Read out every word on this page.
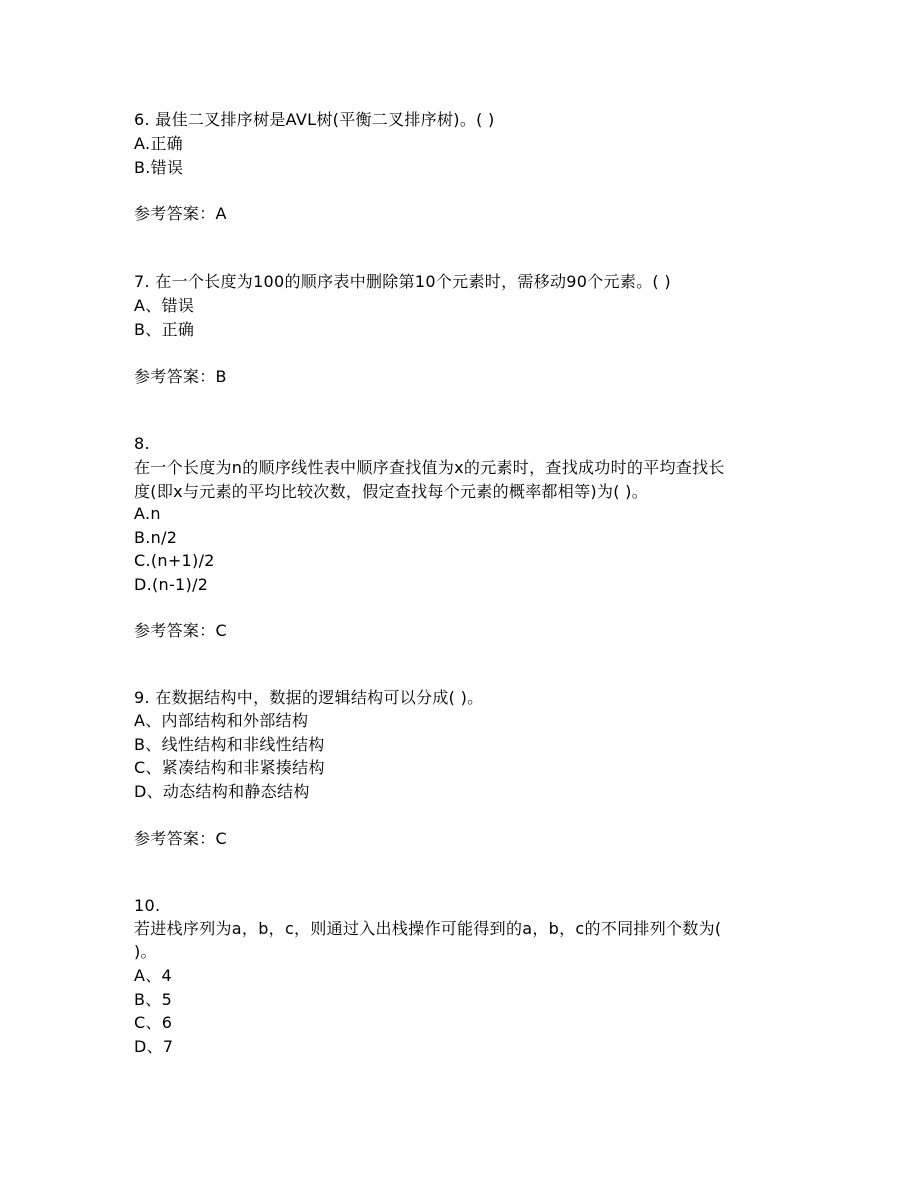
6. 最佳二叉排序树是AVL树(平衡二叉排序树)。( )
A.正确
B.错误
参考答案：A
7. 在一个长度为100的顺序表中删除第10个元素时，需移动90个元素。( )
A、错误
B、正确
参考答案：B
8.
在一个长度为n的顺序线性表中顺序查找值为x的元素时，查找成功时的平均查找长
度(即x与元素的平均比较次数，假定查找每个元素的概率都相等)为( )。
A.n
B.n/2
C.(n+1)/2
D.(n-1)/2
参考答案：C
9. 在数据结构中，数据的逻辑结构可以分成( )。
A、内部结构和外部结构
B、线性结构和非线性结构
C、紧凑结构和非紧揍结构
D、动态结构和静态结构
参考答案：C
10.
若进栈序列为a，b，c，则通过入出栈操作可能得到的a，b，c的不同排列个数为(
)。
A、4
B、5
C、6
D、7
